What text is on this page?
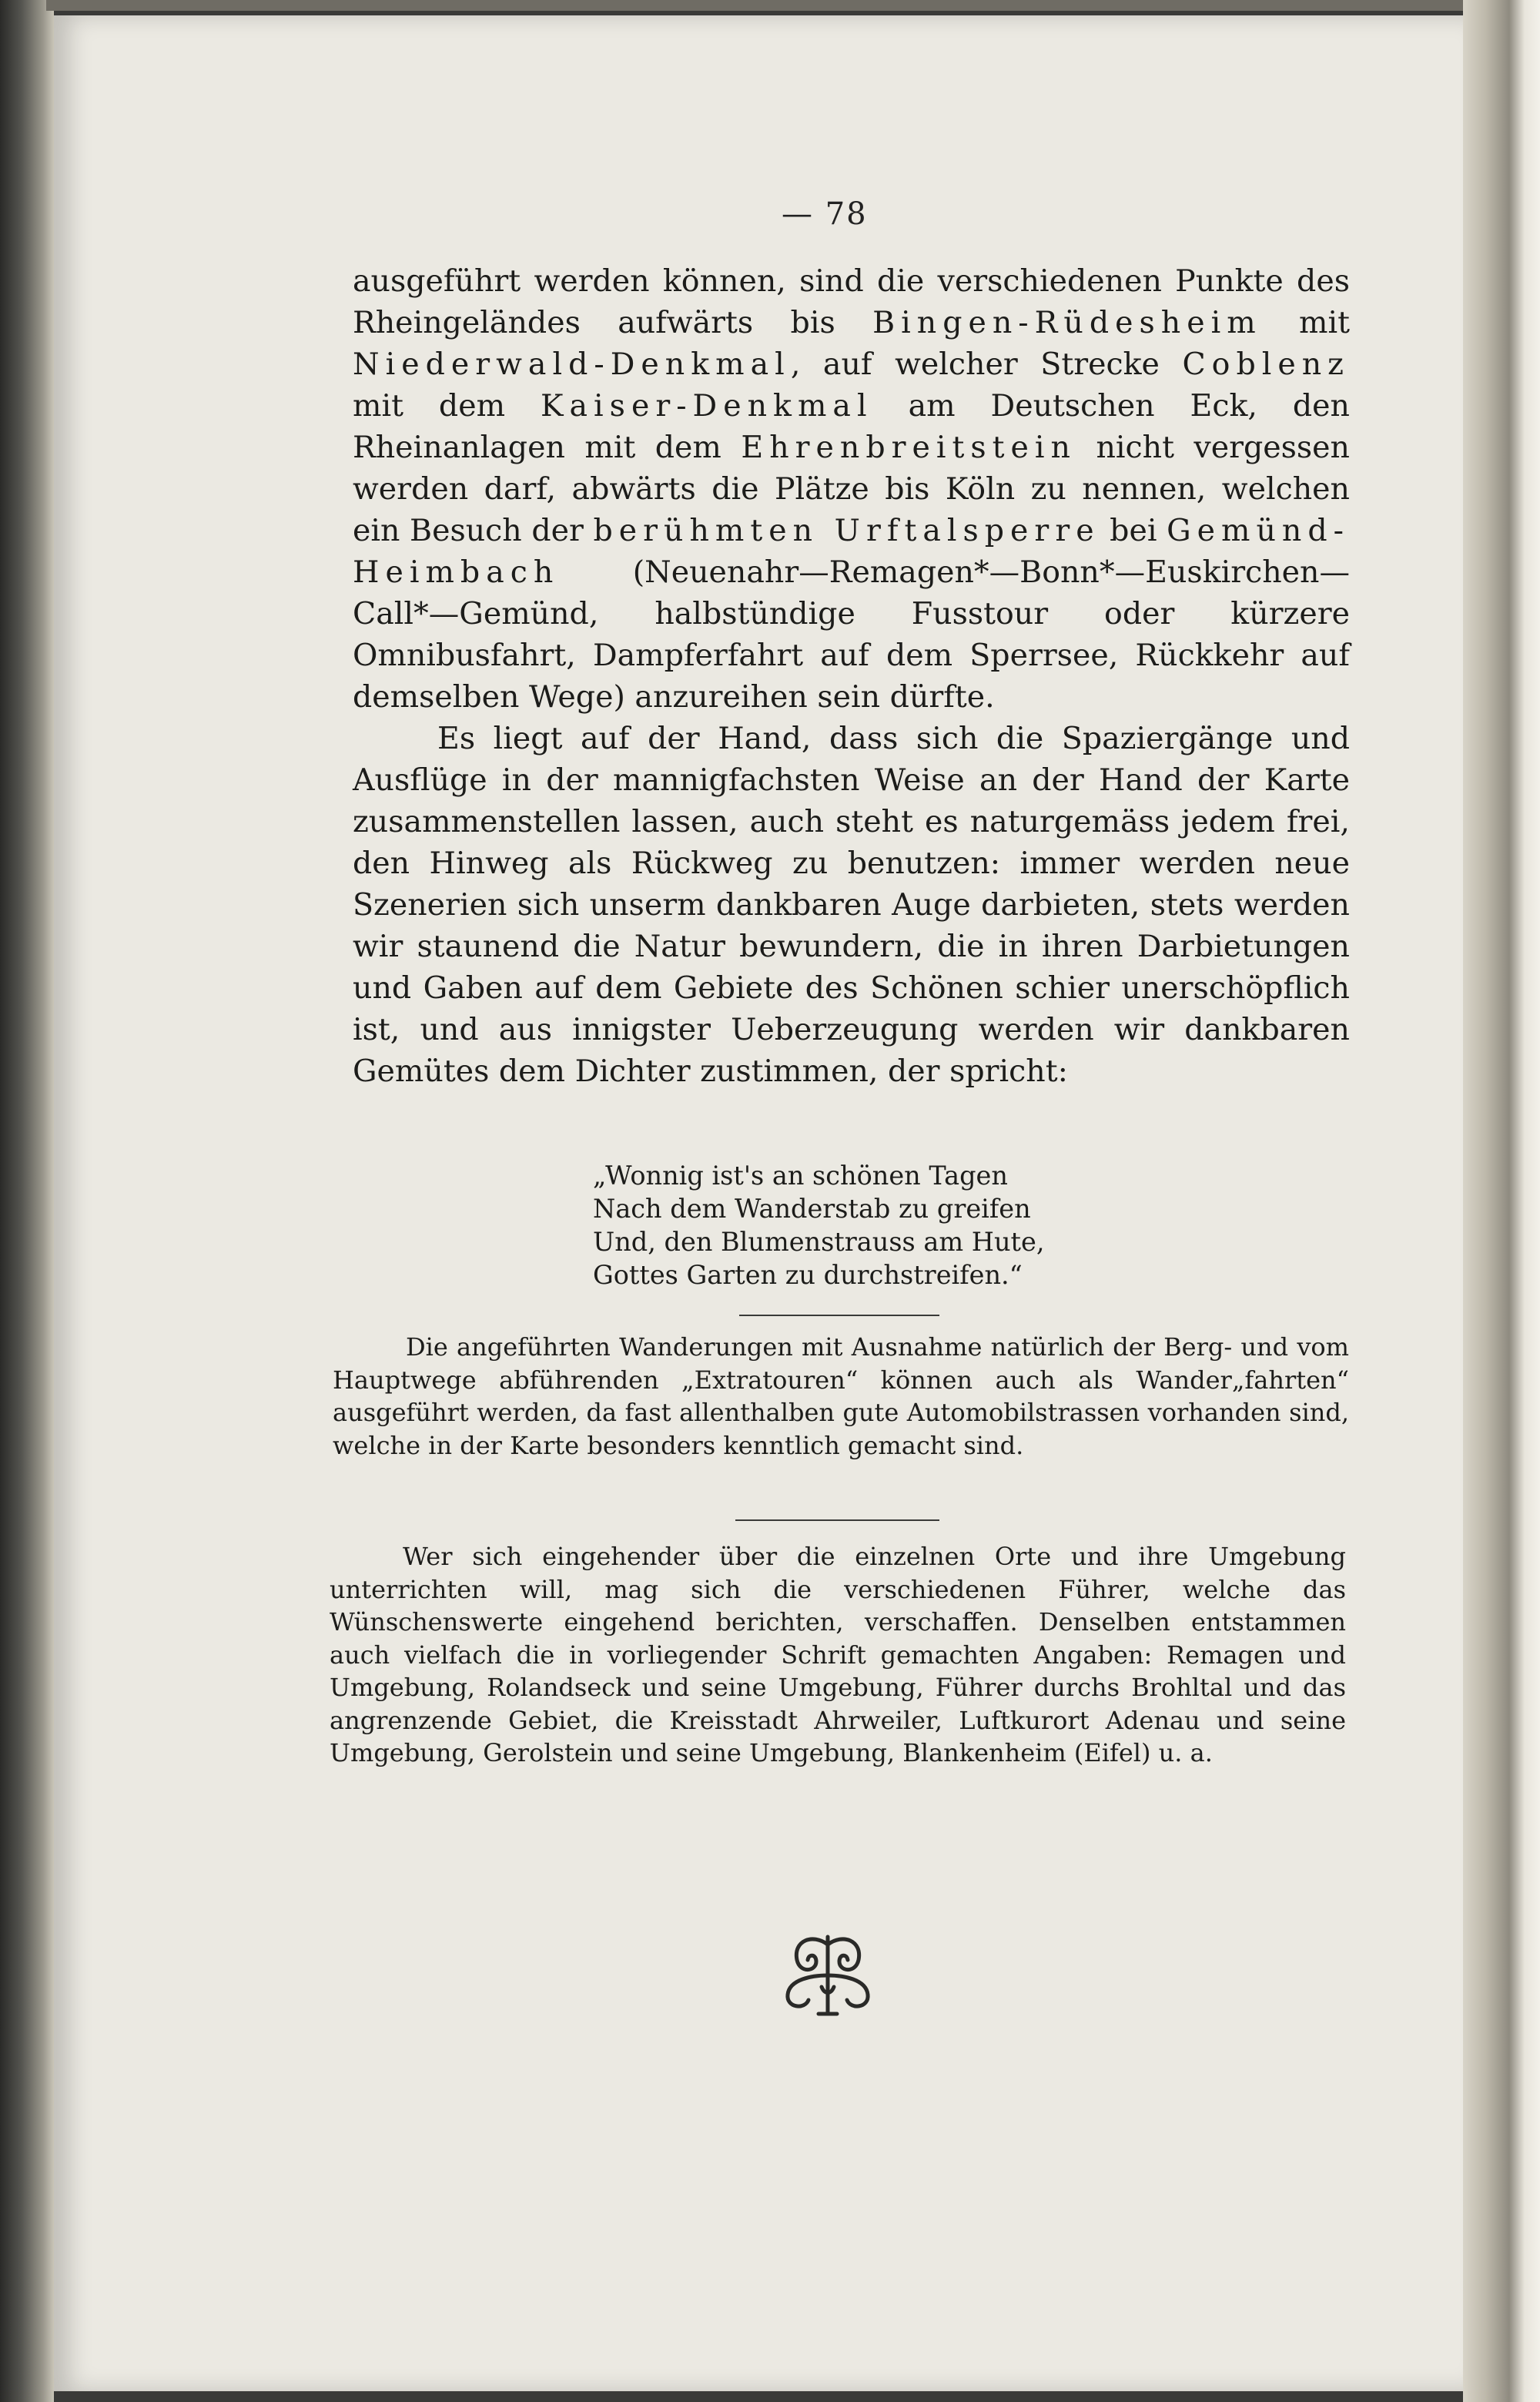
— 78

ausgeführt werden können, sind die verschiedenen Punkte des Rheingeländes aufwärts bis Bingen-Rüdesheim mit Niederwald-Denkmal, auf welcher Strecke Coblenz mit dem Kaiser-Denkmal am Deutschen Eck, den Rheinanlagen mit dem Ehrenbreitstein nicht vergessen werden darf, abwärts die Plätze bis Köln zu nennen, welchen ein Besuch der berühmten Urftalsperre bei Gemünd-Heimbach (Neuenahr—Remagen*—Bonn*—Euskirchen—Call*—Gemünd, halbstündige Fusstour oder kürzere Omnibusfahrt, Dampferfahrt auf dem Sperrsee, Rückkehr auf demselben Wege) anzureihen sein dürfte.

Es liegt auf der Hand, dass sich die Spaziergänge und Ausflüge in der mannigfachsten Weise an der Hand der Karte zusammenstellen lassen, auch steht es naturgemäss jedem frei, den Hinweg als Rückweg zu benutzen: immer werden neue Szenerien sich unserm dankbaren Auge darbieten, stets werden wir staunend die Natur bewundern, die in ihren Darbietungen und Gaben auf dem Gebiete des Schönen schier unerschöpflich ist, und aus innigster Ueberzeugung werden wir dankbaren Gemütes dem Dichter zustimmen, der spricht:

„Wonnig ist's an schönen Tagen
Nach dem Wanderstab zu greifen
Und, den Blumenstrauss am Hute,
Gottes Garten zu durchstreifen.“

Die angeführten Wanderungen mit Ausnahme natürlich der Berg- und vom Hauptwege abführenden „Extratouren“ können auch als Wander„fahrten“ ausgeführt werden, da fast allenthalben gute Automobilstrassen vorhanden sind, welche in der Karte besonders kenntlich gemacht sind.

Wer sich eingehender über die einzelnen Orte und ihre Umgebung unterrichten will, mag sich die verschiedenen Führer, welche das Wünschenswerte eingehend berichten, verschaffen. Denselben entstammen auch vielfach die in vorliegender Schrift gemachten Angaben: Remagen und Umgebung, Rolandseck und seine Umgebung, Führer durchs Brohltal und das angrenzende Gebiet, die Kreisstadt Ahrweiler, Luftkurort Adenau und seine Umgebung, Gerolstein und seine Umgebung, Blankenheim (Eifel) u. a.
